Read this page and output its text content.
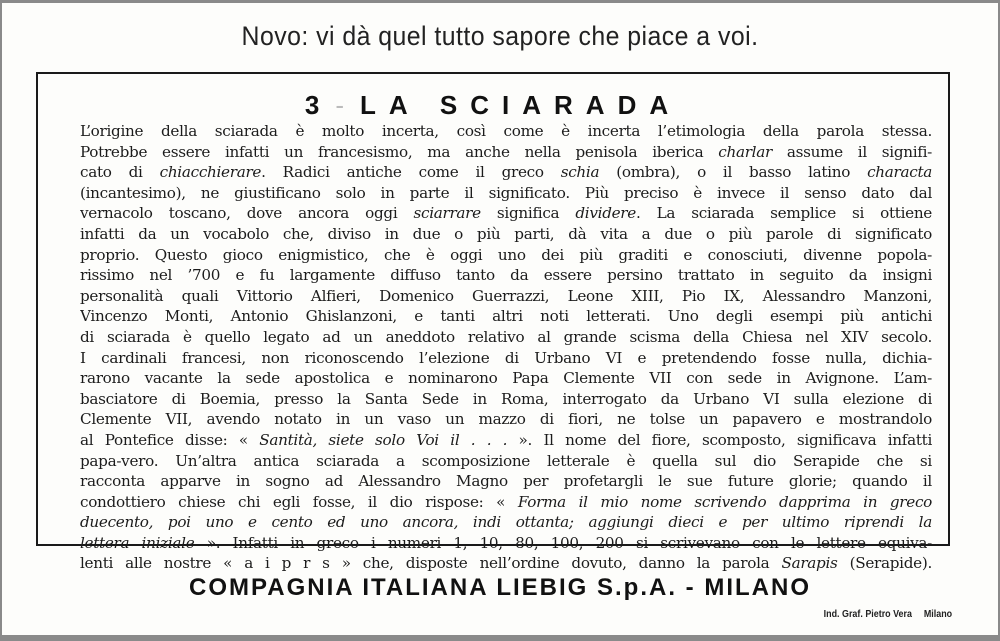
Novo: vi dà quel tutto sapore che piace a voi.
3 - LA SCIARADA
L’origine della sciarada è molto incerta, così come è incerta l’etimologia della parola stessa.
Potrebbe essere infatti un francesismo, ma anche nella penisola iberica charlar assume il signifi-
cato di chiacchierare. Radici antiche come il greco schia (ombra), o il basso latino characta
(incantesimo), ne giustificano solo in parte il significato. Più preciso è invece il senso dato dal
vernacolo toscano, dove ancora oggi sciarrare significa dividere. La sciarada semplice si ottiene
infatti da un vocabolo che, diviso in due o più parti, dà vita a due o più parole di significato
proprio. Questo gioco enigmistico, che è oggi uno dei più graditi e conosciuti, divenne popola-
rissimo nel ’700 e fu largamente diffuso tanto da essere persino trattato in seguito da insigni
personalità quali Vittorio Alfieri, Domenico Guerrazzi, Leone XIII, Pio IX, Alessandro Manzoni,
Vincenzo Monti, Antonio Ghislanzoni, e tanti altri noti letterati. Uno degli esempi più antichi
di sciarada è quello legato ad un aneddoto relativo al grande scisma della Chiesa nel XIV secolo.
I cardinali francesi, non riconoscendo l’elezione di Urbano VI e pretendendo fosse nulla, dichia-
rarono vacante la sede apostolica e nominarono Papa Clemente VII con sede in Avignone. L’am-
basciatore di Boemia, presso la Santa Sede in Roma, interrogato da Urbano VI sulla elezione di
Clemente VII, avendo notato in un vaso un mazzo di fiori, ne tolse un papavero e mostrandolo
al Pontefice disse: « Santità, siete solo Voi il . . . ». Il nome del fiore, scomposto, significava infatti
papa-vero. Un’altra antica sciarada a scomposizione letterale è quella sul dio Serapide che si
racconta apparve in sogno ad Alessandro Magno per profetargli le sue future glorie; quando il
condottiero chiese chi egli fosse, il dio rispose: « Forma il mio nome scrivendo dapprima in greco
duecento, poi uno e cento ed uno ancora, indi ottanta; aggiungi dieci e per ultimo riprendi la
lettera iniziale ». Infatti in greco i numeri 1, 10, 80, 100, 200 si scrivevano con le lettere equiva-
lenti alle nostre « a i p r s » che, disposte nell’ordine dovuto, danno la parola Sarapis (Serapide).
COMPAGNIA ITALIANA LIEBIG S.p.A. - MILANO
Ind. Graf. Pietro Vera Milano
